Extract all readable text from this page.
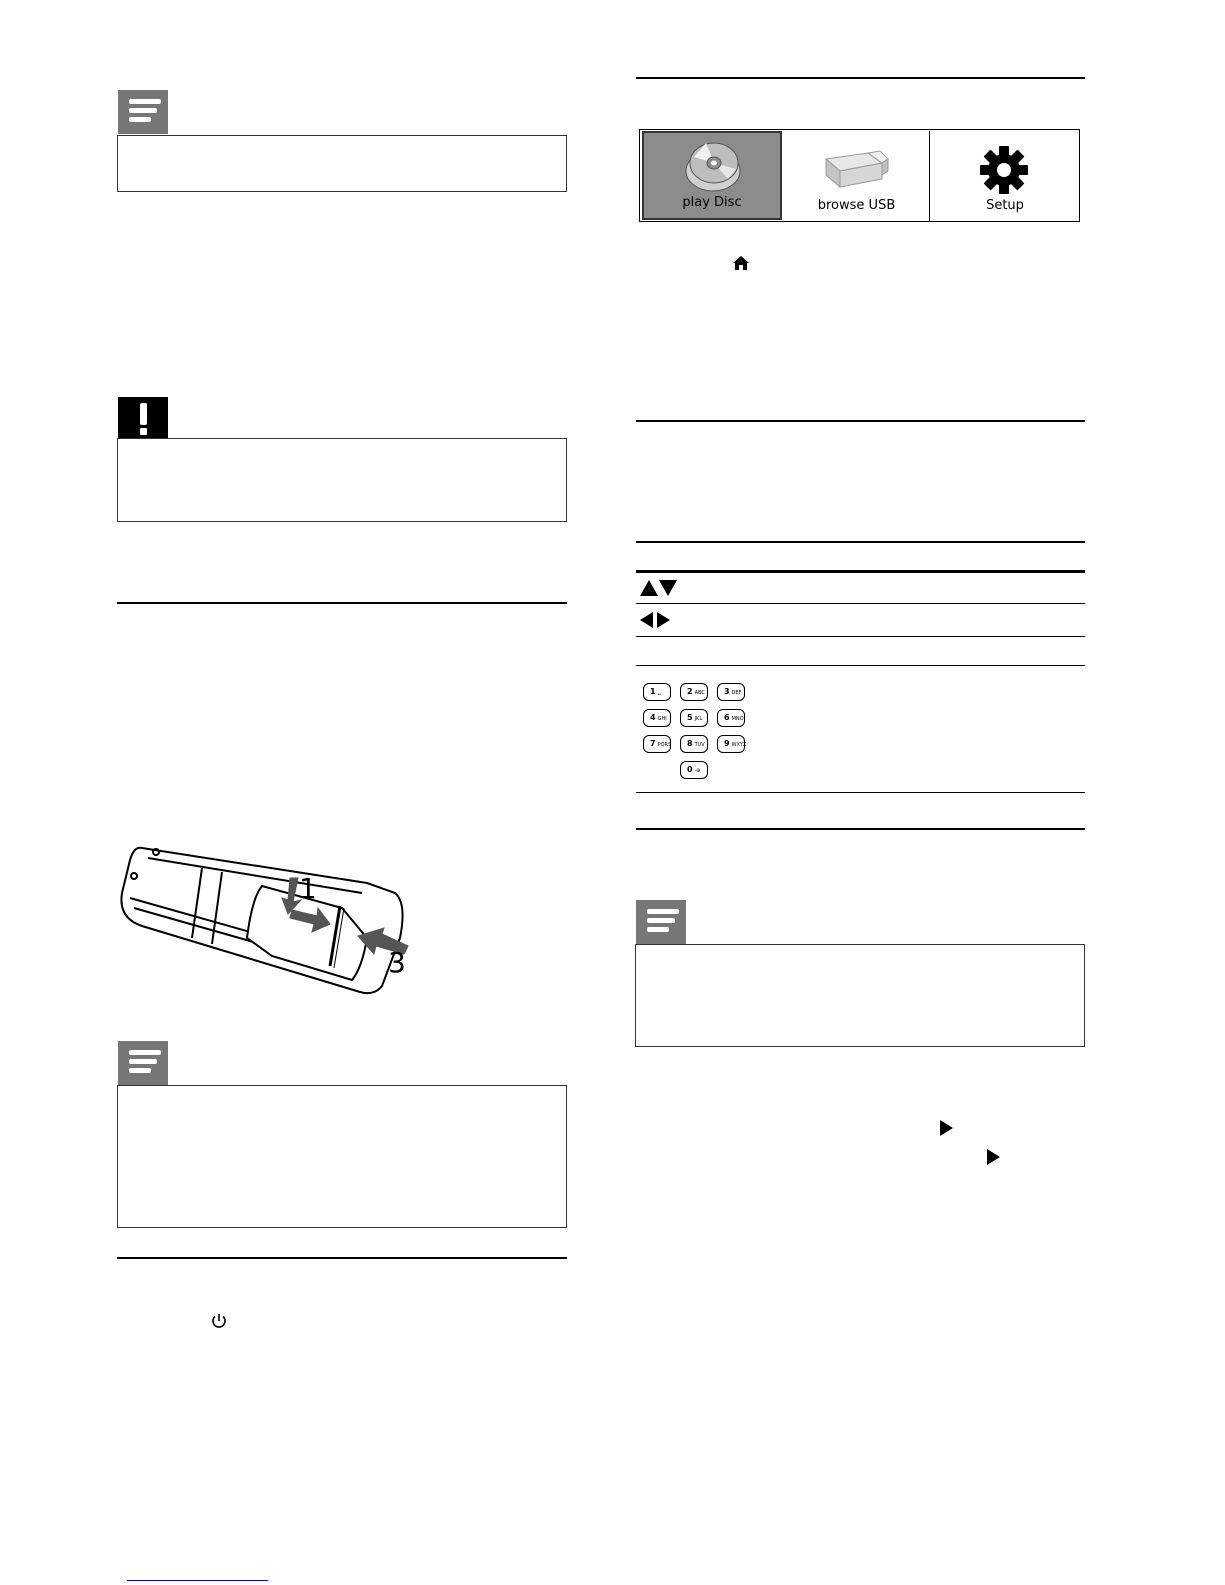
1
3
play Disc	browse USB	Setup
1 ␣	2 ABC	3 DEF
4 GHI	5 JKL	6 MNO
7 PQRS	8 TUV	9 WXYZ
0 ·⊕
